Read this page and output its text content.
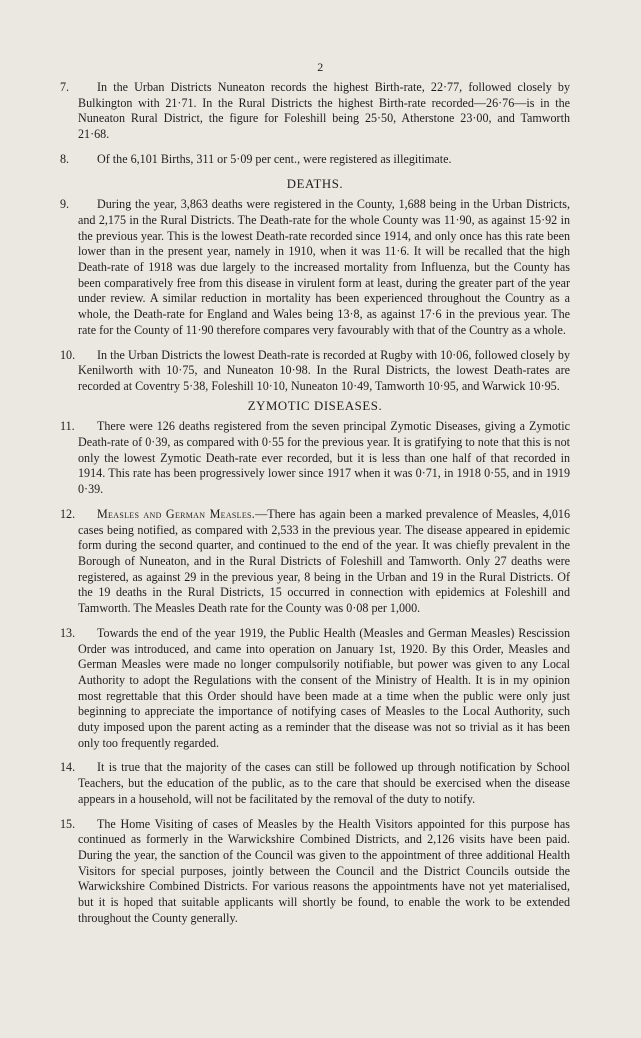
2

7. In the Urban Districts Nuneaton records the highest Birth-rate, 22·77, followed closely by Bulkington with 21·71. In the Rural Districts the highest Birth-rate recorded—26·76—is in the Nuneaton Rural District, the figure for Foleshill being 25·50, Atherstone 23·00, and Tamworth 21·68.

8. Of the 6,101 Births, 311 or 5·09 per cent., were registered as illegitimate.

DEATHS.

9. During the year, 3,863 deaths were registered in the County, 1,688 being in the Urban Districts, and 2,175 in the Rural Districts. The Death-rate for the whole County was 11·90, as against 15·92 in the previous year. This is the lowest Death-rate recorded since 1914, and only once has this rate been lower than in the present year, namely in 1910, when it was 11·6. It will be recalled that the high Death-rate of 1918 was due largely to the increased mortality from Influenza, but the County has been comparatively free from this disease in virulent form at least, during the greater part of the year under review. A similar reduction in mortality has been experienced throughout the Country as a whole, the Death-rate for England and Wales being 13·8, as against 17·6 in the previous year. The rate for the County of 11·90 therefore compares very favourably with that of the Country as a whole.

10. In the Urban Districts the lowest Death-rate is recorded at Rugby with 10·06, followed closely by Kenilworth with 10·75, and Nuneaton 10·98. In the Rural Districts, the lowest Death-rates are recorded at Coventry 5·38, Foleshill 10·10, Nuneaton 10·49, Tamworth 10·95, and Warwick 10·95.

ZYMOTIC DISEASES.

11. There were 126 deaths registered from the seven principal Zymotic Diseases, giving a Zymotic Death-rate of 0·39, as compared with 0·55 for the previous year. It is gratifying to note that this is not only the lowest Zymotic Death-rate ever recorded, but it is less than one half of that recorded in 1914. This rate has been progressively lower since 1917 when it was 0·71, in 1918 0·55, and in 1919 0·39.

12. Measles and German Measles.—There has again been a marked prevalence of Measles, 4,016 cases being notified, as compared with 2,533 in the previous year. The disease appeared in epidemic form during the second quarter, and continued to the end of the year. It was chiefly prevalent in the Borough of Nuneaton, and in the Rural Districts of Foleshill and Tamworth. Only 27 deaths were registered, as against 29 in the previous year, 8 being in the Urban and 19 in the Rural Districts. Of the 19 deaths in the Rural Districts, 15 occurred in connection with epidemics at Foleshill and Tamworth. The Measles Death rate for the County was 0·08 per 1,000.

13. Towards the end of the year 1919, the Public Health (Measles and German Measles) Rescission Order was introduced, and came into operation on January 1st, 1920. By this Order, Measles and German Measles were made no longer compulsorily notifiable, but power was given to any Local Authority to adopt the Regulations with the consent of the Ministry of Health. It is in my opinion most regrettable that this Order should have been made at a time when the public were only just beginning to appreciate the importance of notifying cases of Measles to the Local Authority, such duty imposed upon the parent acting as a reminder that the disease was not so trivial as it has been only too frequently regarded.

14. It is true that the majority of the cases can still be followed up through notification by School Teachers, but the education of the public, as to the care that should be exercised when the disease appears in a household, will not be facilitated by the removal of the duty to notify.

15. The Home Visiting of cases of Measles by the Health Visitors appointed for this purpose has continued as formerly in the Warwickshire Combined Districts, and 2,126 visits have been paid. During the year, the sanction of the Council was given to the appointment of three additional Health Visitors for special purposes, jointly between the Council and the District Councils outside the Warwickshire Combined Districts. For various reasons the appointments have not yet materialised, but it is hoped that suitable applicants will shortly be found, to enable the work to be extended throughout the County generally.
